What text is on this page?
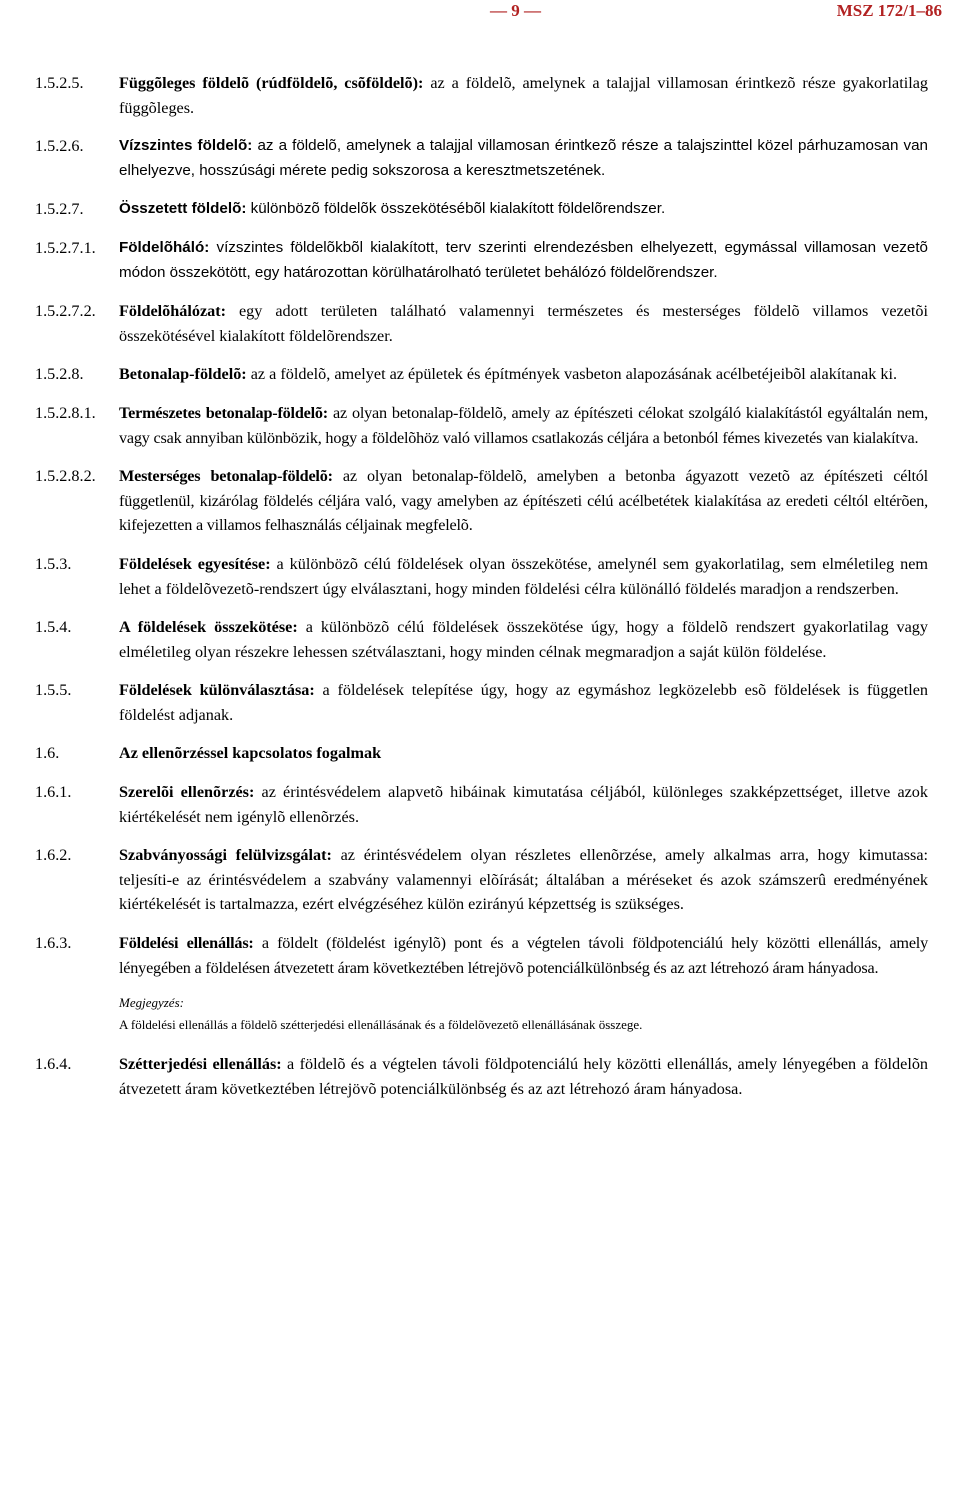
— 9 —	MSZ 172/1–86
1.5.2.5.	Függõleges földelõ (rúdföldelõ, csõföldelõ): az a földelõ, amelynek a talajjal villamosan érintkezõ része gyakorlatilag függõleges.
1.5.2.6.	Vízszintes földelõ: az a földelõ, amelynek a talajjal villamosan érintkezõ része a talajszinttel közel párhuzamosan van elhelyezve, hosszúsági mérete pedig sokszorosa a keresztmetszetének.
1.5.2.7.	Összetett földelõ: különbözõ földelõk összekötésébõl kialakított földelõrendszer.
1.5.2.7.1.	Földelõháló: vízszintes földelõkbõl kialakított, terv szerinti elrendezésben elhelyezett, egymással villamosan vezetõ módon összekötött, egy határozottan körülhatárolható területet behálózó földelõrendszer.
1.5.2.7.2.	Földelõhálózat: egy adott területen található valamennyi természetes és mesterséges földelõ villamos vezetõi összekötésével kialakított földelõrendszer.
1.5.2.8.	Betonalap-földelõ: az a földelõ, amelyet az épületek és építmények vasbeton alapozásának acélbetéjeibõl alakítanak ki.
1.5.2.8.1.	Természetes betonalap-földelõ: az olyan betonalap-földelõ, amely az építészeti célokat szolgáló kialakítástól egyáltalán nem, vagy csak annyiban különbözik, hogy a földelõhöz való villamos csatlakozás céljára a betonból fémes kivezetés van kialakítva.
1.5.2.8.2.	Mesterséges betonalap-földelõ: az olyan betonalap-földelõ, amelyben a betonba ágyazott vezetõ az építészeti céltól függetlenül, kizárólag földelés céljára való, vagy amelyben az építészeti célú acélbetétek kialakítása az eredeti céltól eltérõen, kifejezetten a villamos felhasználás céljainak megfelelõ.
1.5.3.	Földelések egyesítése: a különbözõ célú földelések olyan összekötése, amelynél sem gyakorlatilag, sem elméletileg nem lehet a földelõvezetõ-rendszert úgy elválasztani, hogy minden földelési célra különálló földelés maradjon a rendszerben.
1.5.4.	A földelések összekötése: a különbözõ célú földelések összekötése úgy, hogy a földelõ rendszert gyakorlatilag vagy elméletileg olyan részekre lehessen szétválasztani, hogy minden célnak megmaradjon a saját külön földelése.
1.5.5.	Földelések különválasztása: a földelések telepítése úgy, hogy az egymáshoz legközelebb esõ földelések is független földelést adjanak.
1.6.	Az ellenõrzéssel kapcsolatos fogalmak
1.6.1.	Szerelõi ellenõrzés: az érintésvédelem alapvetõ hibáinak kimutatása céljából, különleges szakképzettséget, illetve azok kiértékelését nem igénylõ ellenõrzés.
1.6.2.	Szabványossági felülvizsgálat: az érintésvédelem olyan részletes ellenõrzése, amely alkalmas arra, hogy kimutassa: teljesíti-e az érintésvédelem a szabvány valamennyi elõírását; általában a méréseket és azok számszerû eredményének kiértékelését is tartalmazza, ezért elvégzéséhez külön ezirányú képzettség is szükséges.
1.6.3.	Földelési ellenállás: a földelt (földelést igénylõ) pont és a végtelen távoli földpotenciálú hely közötti ellenállás, amely lényegében a földelésen átvezetett áram következtében létrejövõ potenciálkülönbség és az azt létrehozó áram hányadosa.
Megjegyzés:
A földelési ellenállás a földelõ szétterjedési ellenállásának és a földelõvezetõ ellenállásának összege.
1.6.4.	Szétterjedési ellenállás: a földelõ és a végtelen távoli földpotenciálú hely közötti ellenállás, amely lényegében a földelõn átvezetett áram következtében létrejövõ potenciálkülönbség és az azt létrehozó áram hányadosa.
